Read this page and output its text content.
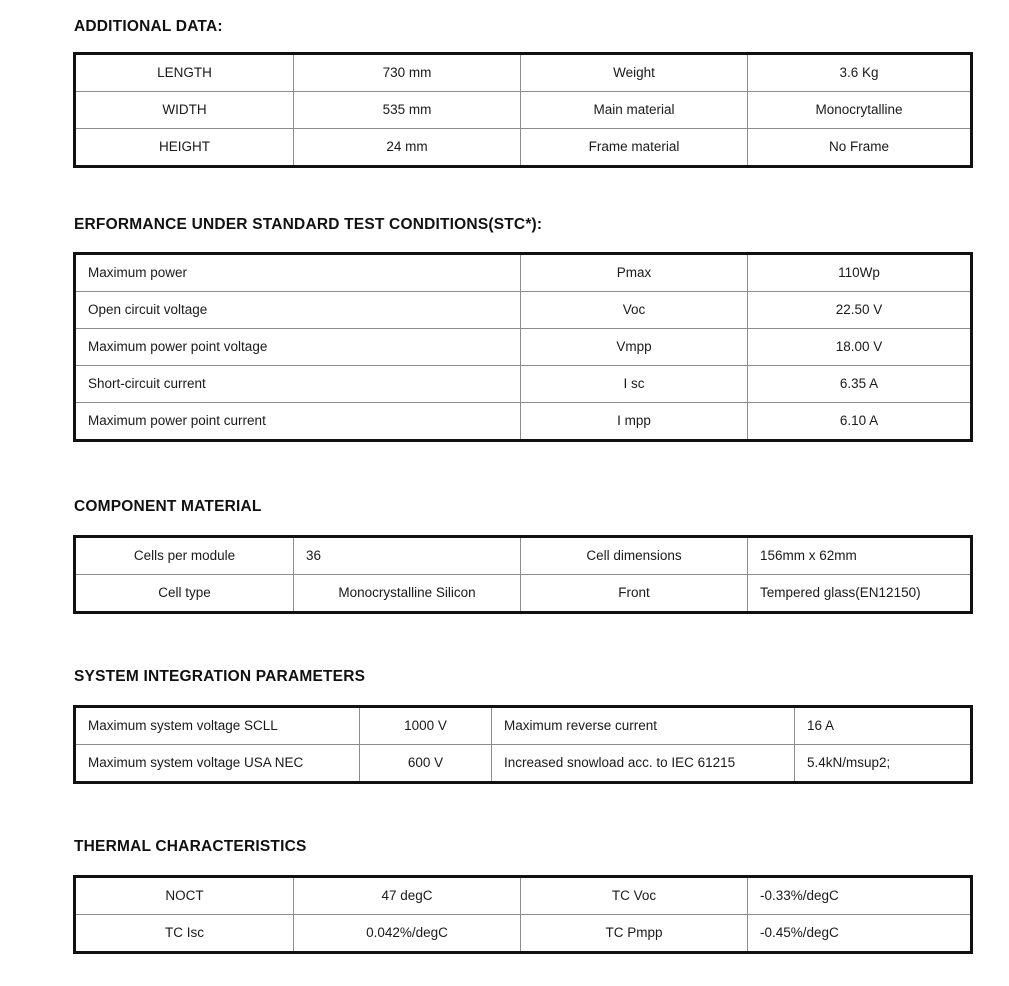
ADDITIONAL DATA:
LENGTH	730 mm	Weight	3.6 Kg
WIDTH	535 mm	Main material	Monocrytalline
HEIGHT	24 mm	Frame material	No Frame
ERFORMANCE UNDER STANDARD TEST CONDITIONS(STC*):
Maximum power	Pmax	110Wp
Open circuit voltage	Voc	22.50 V
Maximum power point voltage	Vmpp	18.00 V
Short-circuit current	I sc	6.35 A
Maximum power point current	I mpp	6.10 A
COMPONENT MATERIAL
Cells per module	36	Cell dimensions	156mm x 62mm
Cell type	Monocrystalline Silicon	Front	Tempered glass(EN12150)
SYSTEM INTEGRATION PARAMETERS
Maximum system voltage SCLL	1000 V	Maximum reverse current	16 A
Maximum system voltage USA NEC	600 V	Increased snowload acc. to IEC 61215	5.4kN/msup2;
THERMAL CHARACTERISTICS
NOCT	47 degC	TC Voc	-0.33%/degC
TC Isc	0.042%/degC	TC Pmpp	-0.45%/degC
